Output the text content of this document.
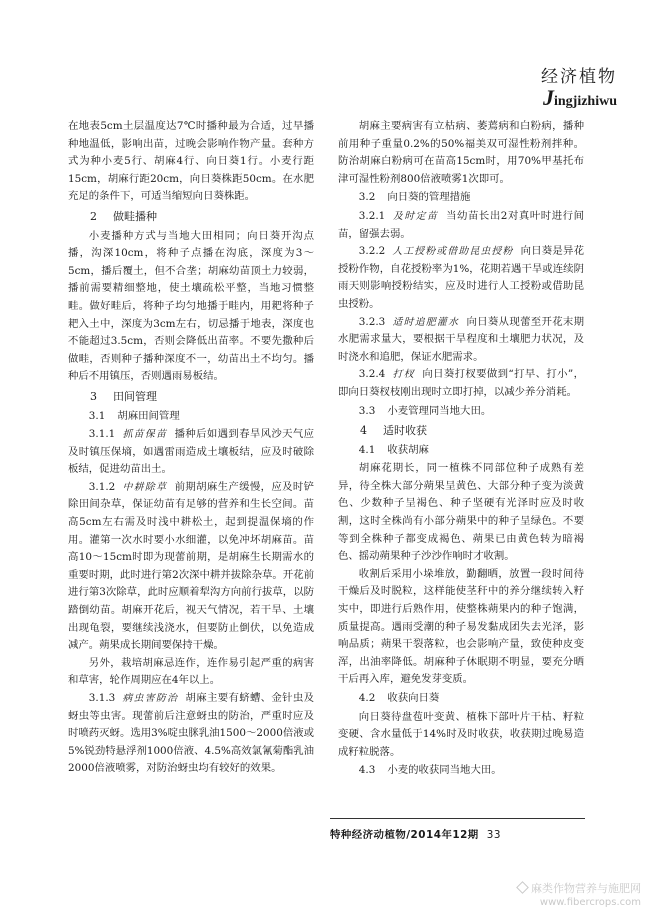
经济植物
Jingjizhiwu

在地表5cm土层温度达7℃时播种最为合适，过早播种地温低，影响出苗，过晚会影响作物产量。套种方式为种小麦5行、胡麻4行、向日葵1行。小麦行距15cm，胡麻行距20cm，向日葵株距50cm。在水肥充足的条件下，可适当缩短向日葵株距。

2 做畦播种

小麦播种方式与当地大田相同；向日葵开沟点播，沟深10cm，将种子点播在沟底，深度为3～5cm，播后覆土，但不合垄；胡麻幼苗顶土力较弱，播前需要精细整地，使土壤疏松平整，当地习惯整畦。做好畦后，将种子均匀地播于畦内，用耙将种子耙入土中，深度为3cm左右，切忌播于地表，深度也不能超过3.5cm，否则会降低出苗率。不要先撒种后做畦，否则种子播种深度不一，幼苗出土不均匀。播种后不用镇压，否则遇雨易板结。

3 田间管理
3.1 胡麻田间管理

3.1.1 抓苗保苗 播种后如遇到春旱风沙天气应及时镇压保墒，如遇雷雨造成土壤板结，应及时破除板结，促进幼苗出土。

3.1.2 中耕除草 前期胡麻生产缓慢，应及时铲除田间杂草，保证幼苗有足够的营养和生长空间。苗高5cm左右需及时浅中耕松土，起到提温保墒的作用。灌第一次水时要小水细灌，以免冲坏胡麻苗。苗高10～15cm时即为现蕾前期，是胡麻生长期需水的重要时期，此时进行第2次深中耕并拔除杂草。开花前进行第3次除草，此时应顺着犁沟方向前行拔草，以防踏倒幼苗。胡麻开花后，视天气情况，若干旱、土壤出现龟裂，要继续浅浇水，但要防止倒伏，以免造成减产。蒴果成长期间要保持干燥。

另外，栽培胡麻忌连作，连作易引起严重的病害和草害，轮作周期应在4年以上。

3.1.3 病虫害防治 胡麻主要有蛴螬、金针虫及蚜虫等虫害。现蕾前后注意蚜虫的防治，严重时应及时喷药灭蚜。选用3%啶虫脒乳油1500～2000倍液或5%锐劲特悬浮剂1000倍液、4.5%高效氯氰菊酯乳油2000倍液喷雾，对防治蚜虫均有较好的效果。

胡麻主要病害有立枯病、萎蔫病和白粉病，播种前用种子重量0.2%的50%福美双可湿性粉剂拌种。防治胡麻白粉病可在苗高15cm时，用70%甲基托布津可湿性粉剂800倍液喷雾1次即可。

3.2 向日葵的管理措施

3.2.1 及时定苗 当幼苗长出2对真叶时进行间苗，留强去弱。

3.2.2 人工授粉或借助昆虫授粉 向日葵是异花授粉作物，自花授粉率为1%，花期若遇干旱或连续阴雨天则影响授粉结实，应及时进行人工授粉或借助昆虫授粉。

3.2.3 适时追肥灌水 向日葵从现蕾至开花末期水肥需求量大，要根据干旱程度和土壤肥力状况，及时浇水和追肥，保证水肥需求。

3.2.4 打杈 向日葵打杈要做到“打早、打小”，即向日葵杈枝刚出现时立即打掉，以减少养分消耗。

3.3 小麦管理同当地大田。
4 适时收获
4.1 收获胡麻

胡麻花期长，同一植株不同部位种子成熟有差异，待全株大部分蒴果呈黄色、大部分种子变为淡黄色、少数种子呈褐色、种子坚硬有光泽时应及时收割，这时全株尚有小部分蒴果中的种子呈绿色。不要等到全株种子都变成褐色、蒴果已由黄色转为暗褐色、摇动蒴果种子沙沙作响时才收割。

收割后采用小垛堆放，勤翻晒，放置一段时间待干燥后及时脱粒，这样能使茎秆中的养分继续转入籽实中，即进行后熟作用，使整株蒴果内的种子饱满，质量提高。遇雨受潮的种子易发黏成团失去光泽，影响品质；蒴果干裂落粒，也会影响产量，致使种皮变浑，出油率降低。胡麻种子休眠期不明显，要充分晒干后再入库，避免发芽变质。

4.2 收获向日葵

向日葵待盘苞叶变黄、植株下部叶片干枯、籽粒变硬、含水量低于14%时及时收获，收获期过晚易造成籽粒脱落。

4.3 小麦的收获同当地大田。
特种经济动植物/2014年12期 33
麻类作物营养与施肥网
www.fibercrops.com
